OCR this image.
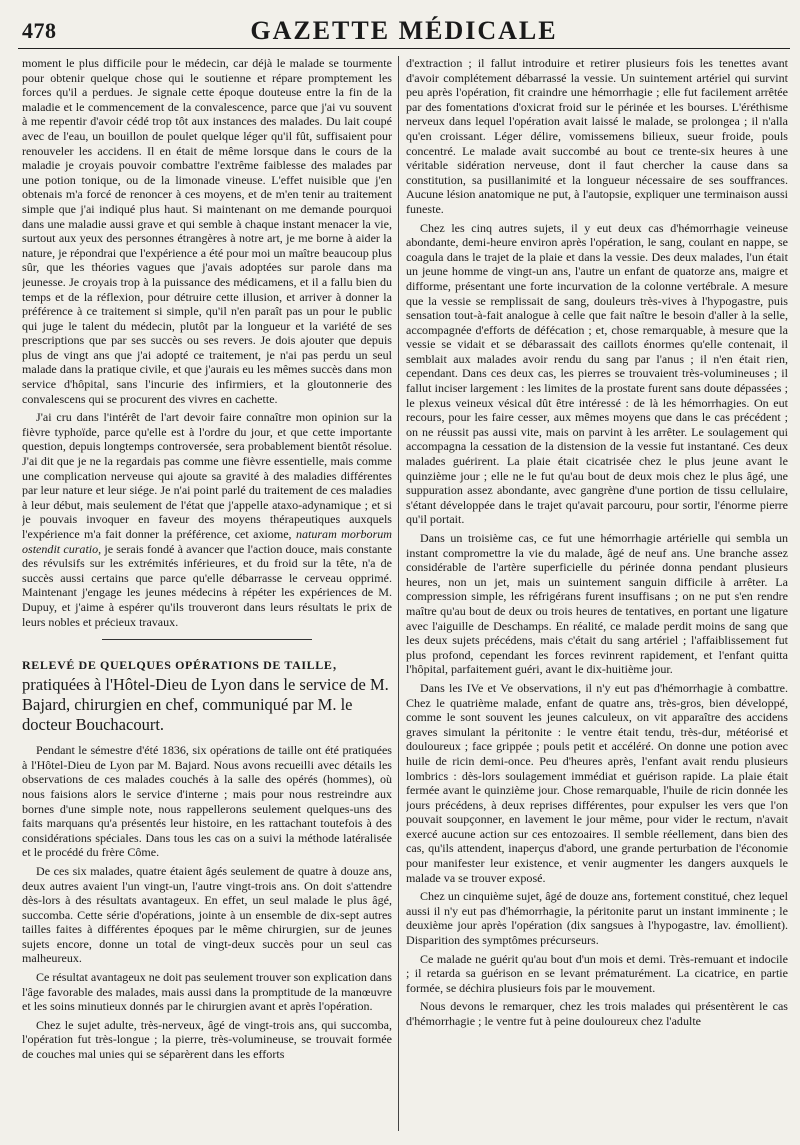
478	GAZETTE MÉDICALE

moment le plus difficile pour le médecin, car déjà le malade se tourmente pour obtenir quelque chose qui le soutienne et répare promptement les forces qu'il a perdues. Je signale cette époque douteuse entre la fin de la maladie et le commencement de la convalescence, parce que j'ai vu souvent à me repentir d'avoir cédé trop tôt aux instances des malades. Du lait coupé avec de l'eau, un bouillon de poulet quelque léger qu'il fût, suffisaient pour renouveler les accidens. Il en était de même lorsque dans le cours de la maladie je croyais pouvoir combattre l'extrême faiblesse des malades par une potion tonique, ou de la limonade vineuse. L'effet nuisible que j'en obtenais m'a forcé de renoncer à ces moyens, et de m'en tenir au traitement simple que j'ai indiqué plus haut. Si maintenant on me demande pourquoi dans une maladie aussi grave et qui semble à chaque instant menacer la vie, surtout aux yeux des personnes étrangères à notre art, je me borne à aider la nature, je répondrai que l'expérience a été pour moi un maître beaucoup plus sûr, que les théories vagues que j'avais adoptées sur parole dans ma jeunesse. Je croyais trop à la puissance des médicamens, et il a fallu bien du temps et de la réflexion, pour détruire cette illusion, et arriver à donner la préférence à ce traitement si simple, qu'il n'en paraît pas un pour le public qui juge le talent du médecin, plutôt par la longueur et la variété de ses prescriptions que par ses succès ou ses revers. Je dois ajouter que depuis plus de vingt ans que j'ai adopté ce traitement, je n'ai pas perdu un seul malade dans la pratique civile, et que j'aurais eu les mêmes succès dans mon service d'hôpital, sans l'incurie des infirmiers, et la gloutonnerie des convalescens qui se procurent des vivres en cachette.

J'ai cru dans l'intérêt de l'art devoir faire connaître mon opinion sur la fièvre typhoïde, parce qu'elle est à l'ordre du jour, et que cette importante question, depuis longtemps controversée, sera probablement bientôt résolue. J'ai dit que je ne la regardais pas comme une fièvre essentielle, mais comme une complication nerveuse qui ajoute sa gravité à des maladies différentes par leur nature et leur siége. Je n'ai point parlé du traitement de ces maladies à leur début, mais seulement de l'état que j'appelle ataxo-adynamique ; et si je pouvais invoquer en faveur des moyens thérapeutiques auxquels l'expérience m'a fait donner la préférence, cet axiome, naturam morborum ostendit curatio, je serais fondé à avancer que l'action douce, mais constante des révulsifs sur les extrémités inférieures, et du froid sur la tête, n'a de succès aussi certains que parce qu'elle débarrasse le cerveau opprimé. Maintenant j'engage les jeunes médecins à répéter les expériences de M. Dupuy, et j'aime à espérer qu'ils trouveront dans leurs résultats le prix de leurs nobles et précieux travaux.

RELEVÉ DE QUELQUES OPÉRATIONS DE TAILLE, pratiquées à l'Hôtel-Dieu de Lyon dans le service de M. Bajard, chirurgien en chef, communiqué par M. le docteur Bouchacourt.

Pendant le sémestre d'été 1836, six opérations de taille ont été pratiquées à l'Hôtel-Dieu de Lyon par M. Bajard. Nous avons recueilli avec détails les observations de ces malades couchés à la salle des opérés (hommes), où nous faisions alors le service d'interne ; mais pour nous restreindre aux bornes d'une simple note, nous rappellerons seulement quelques-uns des faits marquans qu'a présentés leur histoire, en les rattachant toutefois à des considérations spéciales. Dans tous les cas on a suivi la méthode latéralisée et le procédé du frère Côme.

De ces six malades, quatre étaient âgés seulement de quatre à douze ans, deux autres avaient l'un vingt-un, l'autre vingt-trois ans. On doit s'attendre dès-lors à des résultats avantageux. En effet, un seul malade le plus âgé, succomba. Cette série d'opérations, jointe à un ensemble de dix-sept autres tailles faites à différentes époques par le même chirurgien, sur de jeunes sujets encore, donne un total de vingt-deux succès pour un seul cas malheureux.

Ce résultat avantageux ne doit pas seulement trouver son explication dans l'âge favorable des malades, mais aussi dans la promptitude de la manœuvre et les soins minutieux donnés par le chirurgien avant et après l'opération.

Chez le sujet adulte, très-nerveux, âgé de vingt-trois ans, qui succomba, l'opération fut très-longue ; la pierre, très-volumineuse, se trouvait formée de couches mal unies qui se séparèrent dans les efforts

d'extraction ; il fallut introduire et retirer plusieurs fois les tenettes avant d'avoir complétement débarrassé la vessie. Un suintement artériel qui survint peu après l'opération, fit craindre une hémorrhagie ; elle fut facilement arrêtée par des fomentations d'oxicrat froid sur le périnée et les bourses. L'éréthisme nerveux dans lequel l'opération avait laissé le malade, se prolongea ; il n'alla qu'en croissant. Léger délire, vomissemens bilieux, sueur froide, pouls concentré. Le malade avait succombé au bout ce trente-six heures à une véritable sidération nerveuse, dont il faut chercher la cause dans sa constitution, sa pusillanimité et la longueur nécessaire de ses souffrances. Aucune lésion anatomique ne put, à l'autopsie, expliquer une terminaison aussi funeste.

Chez les cinq autres sujets, il y eut deux cas d'hémorrhagie veineuse abondante, demi-heure environ après l'opération, le sang, coulant en nappe, se coagula dans le trajet de la plaie et dans la vessie. Des deux malades, l'un était un jeune homme de vingt-un ans, l'autre un enfant de quatorze ans, maigre et difforme, présentant une forte incurvation de la colonne vertébrale. A mesure que la vessie se remplissait de sang, douleurs très-vives à l'hypogastre, puis sensation tout-à-fait analogue à celle que fait naître le besoin d'aller à la selle, accompagnée d'efforts de défécation ; et, chose remarquable, à mesure que la vessie se vidait et se débarassait des caillots énormes qu'elle contenait, il semblait aux malades avoir rendu du sang par l'anus ; il n'en était rien, cependant. Dans ces deux cas, les pierres se trouvaient très-volumineuses ; il fallut inciser largement : les limites de la prostate furent sans doute dépassées ; le plexus veineux vésical dût être intéressé : de là les hémorrhagies. On eut recours, pour les faire cesser, aux mêmes moyens que dans le cas précédent ; on ne réussit pas aussi vite, mais on parvint à les arrêter. Le soulagement qui accompagna la cessation de la distension de la vessie fut instantané. Ces deux malades guérirent. La plaie était cicatrisée chez le plus jeune avant le quinzième jour ; elle ne le fut qu'au bout de deux mois chez le plus âgé, une suppuration assez abondante, avec gangrène d'une portion de tissu cellulaire, s'étant développée dans le trajet qu'avait parcouru, pour sortir, l'énorme pierre qu'il portait.

Dans un troisième cas, ce fut une hémorrhagie artérielle qui sembla un instant compromettre la vie du malade, âgé de neuf ans. Une branche assez considérable de l'artère superficielle du périnée donna pendant plusieurs heures, non un jet, mais un suintement sanguin difficile à arrêter. La compression simple, les réfrigérans furent insuffisans ; on ne put s'en rendre maître qu'au bout de deux ou trois heures de tentatives, en portant une ligature avec l'aiguille de Deschamps. En réalité, ce malade perdit moins de sang que les deux sujets précédens, mais c'était du sang artériel ; l'affaiblissement fut plus profond, cependant les forces revinrent rapidement, et l'enfant quitta l'hôpital, parfaitement guéri, avant le dix-huitième jour.

Dans les IVe et Ve observations, il n'y eut pas d'hémorrhagie à combattre. Chez le quatrième malade, enfant de quatre ans, très-gros, bien développé, comme le sont souvent les jeunes calculeux, on vit apparaître des accidens graves simulant la péritonite : le ventre était tendu, très-dur, météorisé et douloureux ; face grippée ; pouls petit et accéléré. On donne une potion avec huile de ricin demi-once. Peu d'heures après, l'enfant avait rendu plusieurs lombrics : dès-lors soulagement immédiat et guérison rapide. La plaie était fermée avant le quinzième jour. Chose remarquable, l'huile de ricin donnée les jours précédens, à deux reprises différentes, pour expulser les vers que l'on pouvait soupçonner, en lavement le jour même, pour vider le rectum, n'avait exercé aucune action sur ces entozoaires. Il semble réellement, dans bien des cas, qu'ils attendent, inaperçus d'abord, une grande perturbation de l'économie pour manifester leur existence, et venir augmenter les dangers auxquels le malade va se trouver exposé.

Chez un cinquième sujet, âgé de douze ans, fortement constitué, chez lequel aussi il n'y eut pas d'hémorrhagie, la péritonite parut un instant imminente ; le deuxième jour après l'opération (dix sangsues à l'hypogastre, lav. émollient). Disparition des symptômes précurseurs.

Ce malade ne guérit qu'au bout d'un mois et demi. Très-remuant et indocile ; il retarda sa guérison en se levant prématurément. La cicatrice, en partie formée, se déchira plusieurs fois par le mouvement.

Nous devons le remarquer, chez les trois malades qui présentèrent le cas d'hémorrhagie ; le ventre fut à peine douloureux chez l'adulte
